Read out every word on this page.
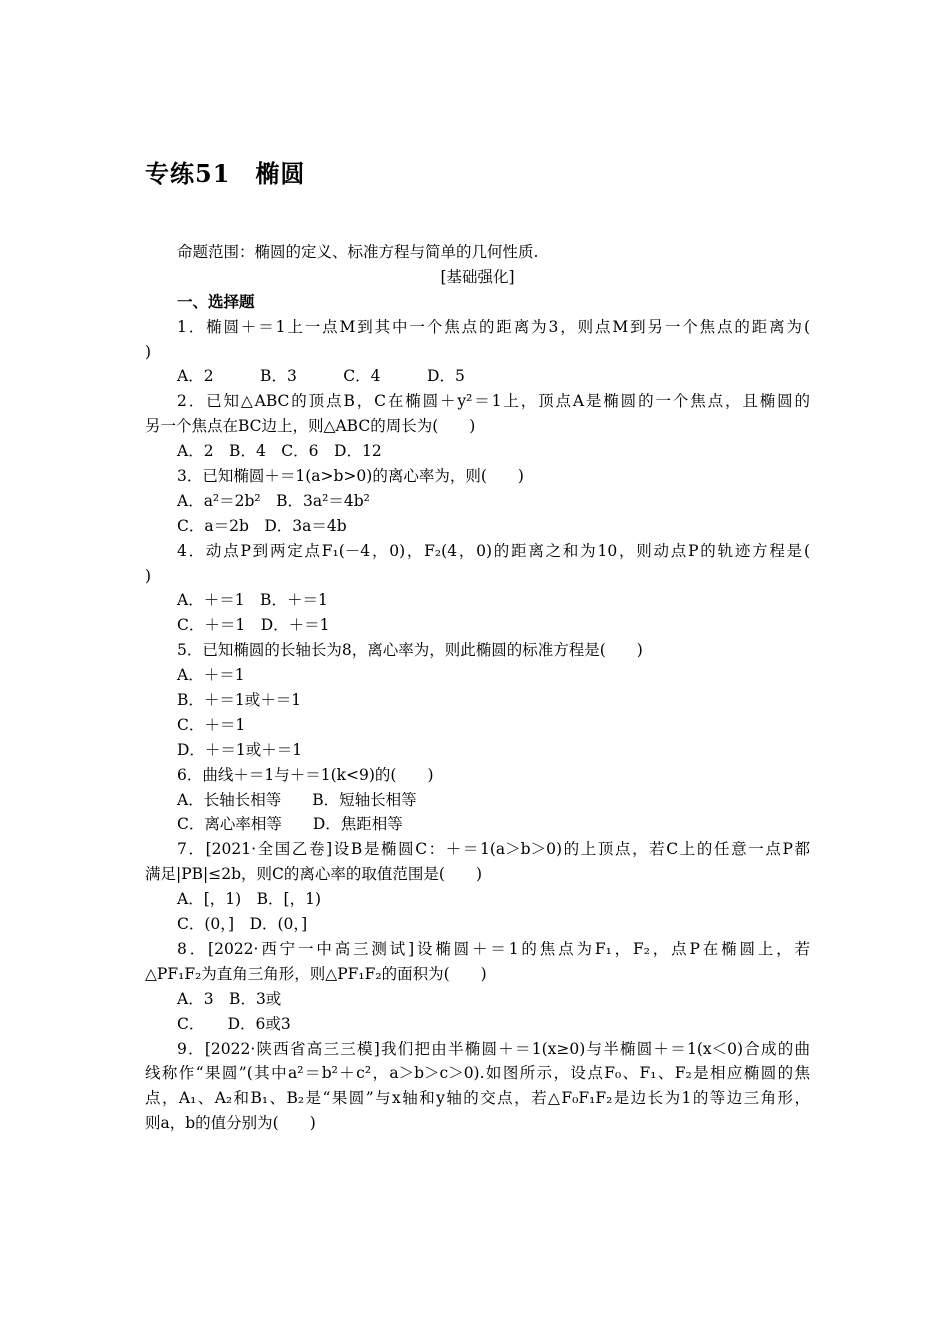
专练51　椭圆
命题范围：椭圆的定义、标准方程与简单的几何性质.
[基础强化]
一、选择题
1．椭圆＋＝1上一点M到其中一个焦点的距离为3，则点M到另一个焦点的距离为(
)
A．2　　　B．3　　　C．4　　　D．5
2．已知△ABC的顶点B，C在椭圆＋y²＝1上，顶点A是椭圆的一个焦点，且椭圆的
另一个焦点在BC边上，则△ABC的周长为(　　)
A．2　B．4　C．6　D．12
3．已知椭圆＋＝1(a>b>0)的离心率为，则(　　)
A．a²＝2b²　B．3a²＝4b²
C．a＝2b　D．3a＝4b
4．动点P到两定点F₁(－4，0)，F₂(4，0)的距离之和为10，则动点P的轨迹方程是(
)
A．＋＝1　B．＋＝1
C．＋＝1　D．＋＝1
5．已知椭圆的长轴长为8，离心率为，则此椭圆的标准方程是(　　)
A．＋＝1
B．＋＝1或＋＝1
C．＋＝1
D．＋＝1或＋＝1
6．曲线＋＝1与＋＝1(k<9)的(　　)
A．长轴长相等　　B．短轴长相等
C．离心率相等　　D．焦距相等
7．[2021·全国乙卷]设B是椭圆C：＋＝1(a＞b＞0)的上顶点，若C上的任意一点P都
满足|PB|≤2b，则C的离心率的取值范围是(　　)
A．[，1)　B．[，1)
C．(0，]　D．(0，]
8．[2022·西宁一中高三测试]设椭圆＋＝1的焦点为F₁，F₂，点P在椭圆上，若
△PF₁F₂为直角三角形，则△PF₁F₂的面积为(　　)
A．3　B．3或
C．　　D．6或3
9．[2022·陕西省高三三模]我们把由半椭圆＋＝1(x≥0)与半椭圆＋＝1(x＜0)合成的曲
线称作“果圆”(其中a²＝b²＋c²，a＞b＞c＞0).如图所示，设点F₀、F₁、F₂是相应椭圆的焦
点，A₁、A₂和B₁、B₂是“果圆”与x轴和y轴的交点，若△F₀F₁F₂是边长为1的等边三角形，
则a，b的值分别为(　　)
